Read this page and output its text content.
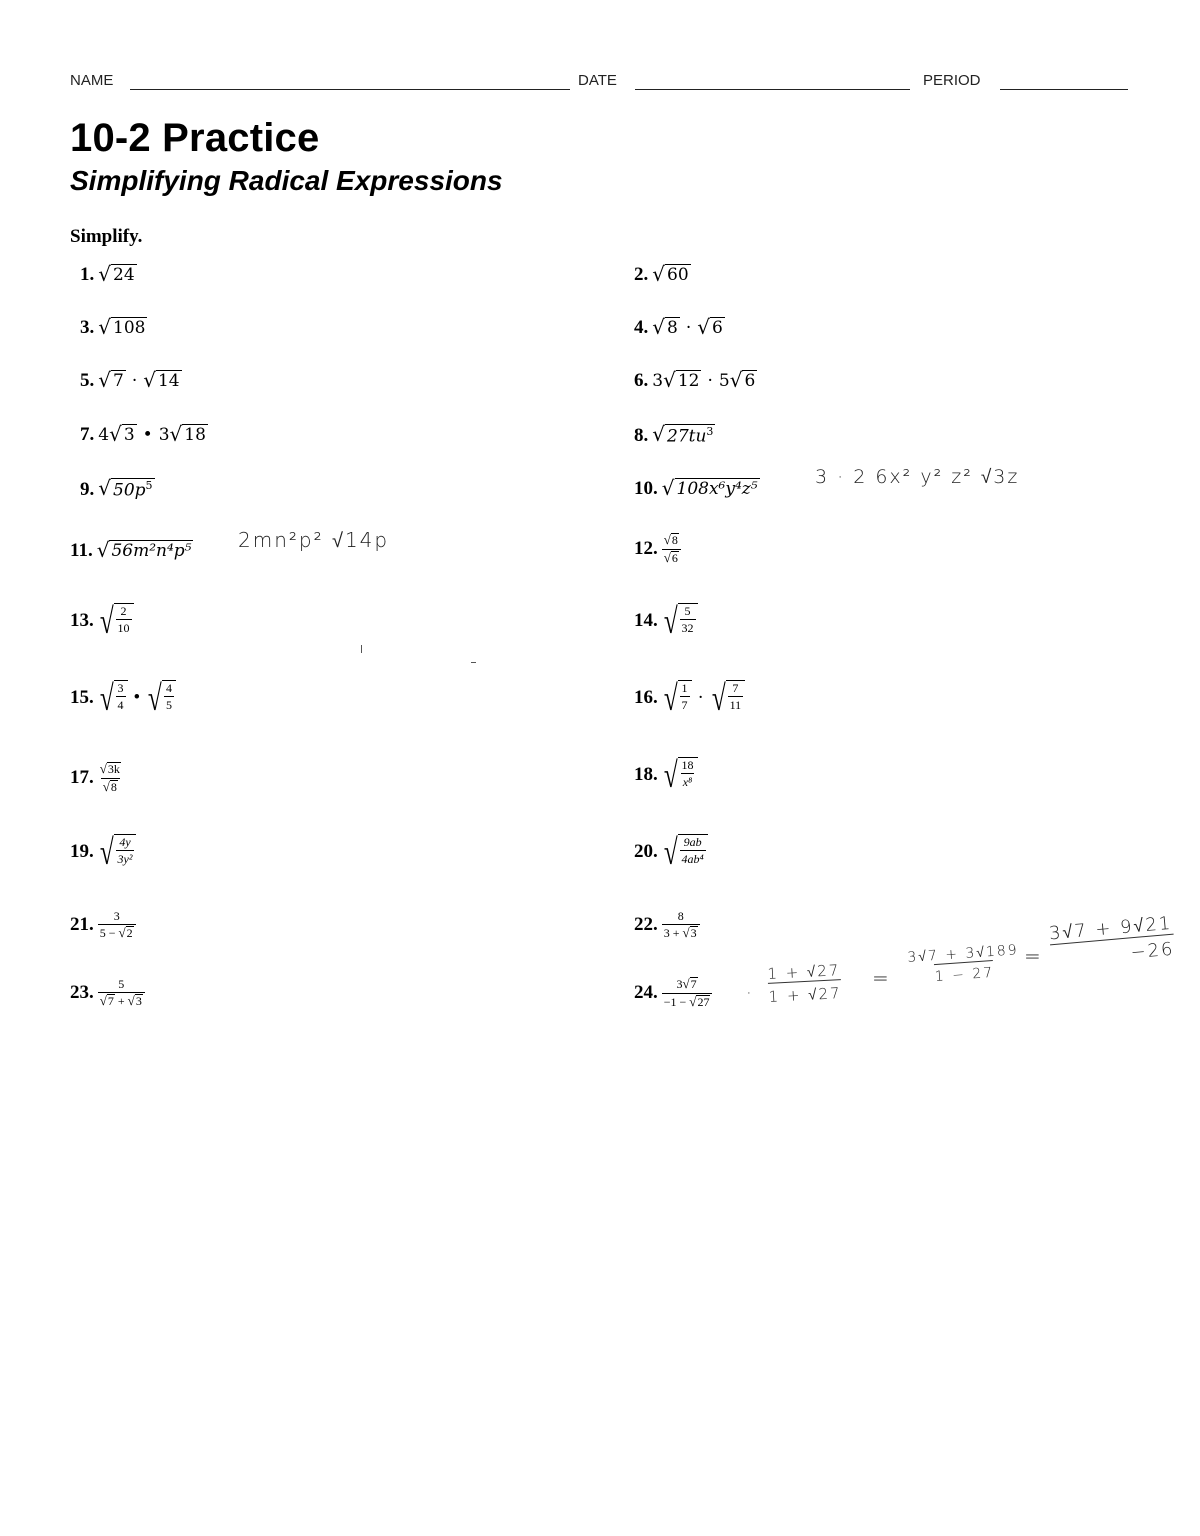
NAME	DATE	PERIOD
10-2 Practice
Simplifying Radical Expressions
Simplify.
1. √ 24	2. √ 60
3. √ 108	4. √ 8 · √ 6
5. √ 7 · √ 14	6. 3 √ 12 · 5 √ 6
7. 4 √ 3 • 3 √ 18	8. √ $27tu^3$
9. √ $50p^5$	10. √ 108x⁶y⁴z⁵
3 · 2 6x² y² z² √3z
11. √ 56m²n⁴p⁵ 2mn²p² √14p	12. $\frac{√ 8}{√ 6}$
13. √ $\frac{2}{10}$	14. √ $\frac{5}{32}$
15. √ $\frac{3}{4}$ • √ $\frac{4}{5}$	16. √ $\frac{1}{7}$ · √ $\frac{7}{11}$
17. $\frac{√ 3k}{√ 8}$	18. √ $\frac{18}{\text{x⁸}}$
19. √ $\frac{4y}{\text{3y²}}$	20. √ $\frac{9ab}{\text{4ab⁴}}$
21. $\frac{3}{5 - √ 2}$	22. $\frac{8}{3 + √ 3}$
23. $\frac{5}{√ 7 + √ 3}$	24. $\frac{3 √ 7}{-1 - √ 27}$ ·
1 + √27
1 + √27
=
3√7 + 3√189
1 − 27
=
3√7 + 9√21
−26
